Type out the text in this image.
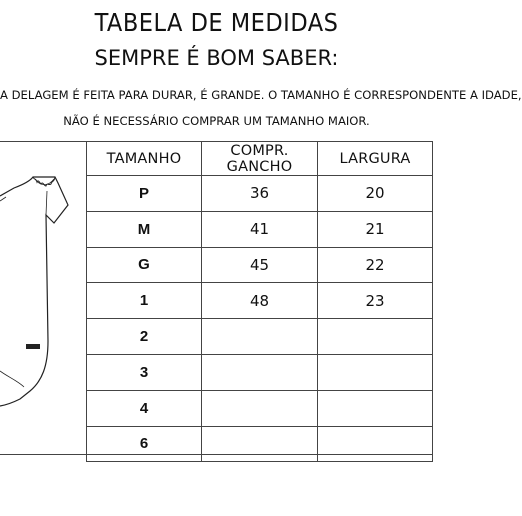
TABELA DE MEDIDAS
SEMPRE É BOM SABER:
A DELAGEM É FEITA PARA DURAR, É GRANDE. O TAMANHO É CORRESPONDENTE A IDADE,
NÃO É NECESSÁRIO COMPRAR UM TAMANHO MAIOR.
TAMANHO	COMPR. GANCHO	LARGURA
P	36	20
M	41	21
G	45	22
1	48	23
2		
3		
4		
6		
